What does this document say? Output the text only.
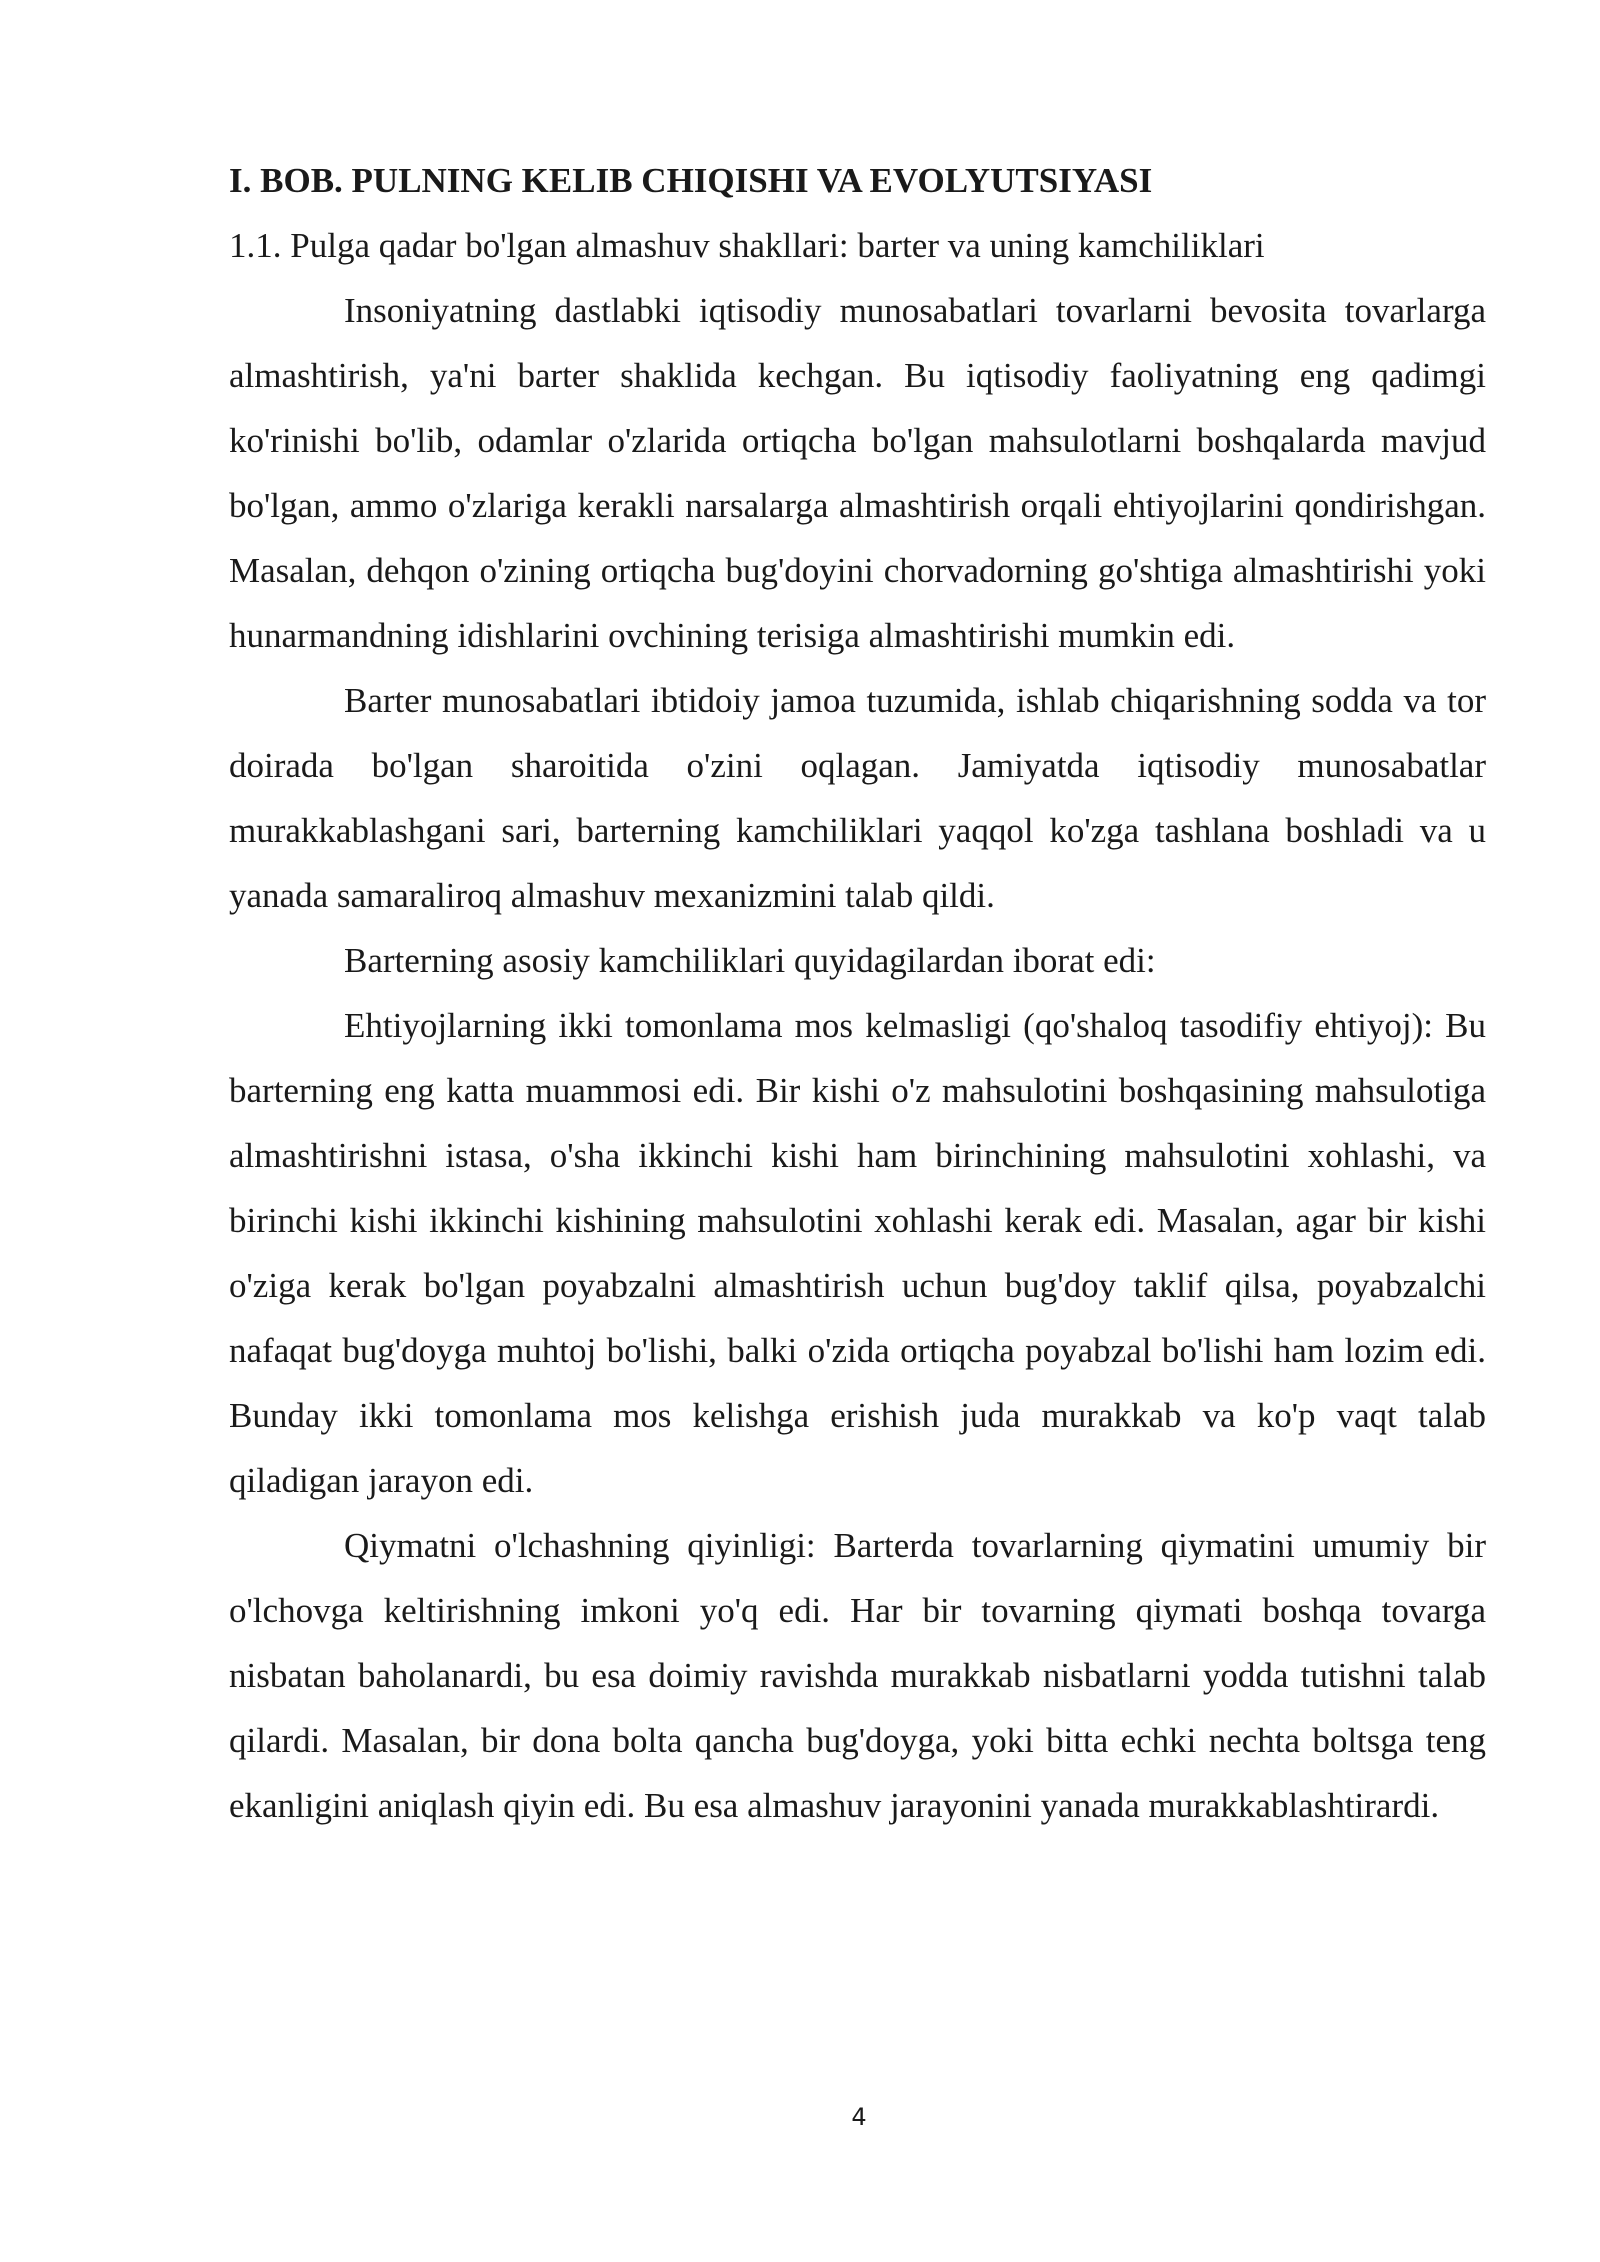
I. BOB. PULNING KELIB CHIQISHI VA EVOLYUTSIYASI

1.1. Pulga qadar bo'lgan almashuv shakllari: barter va uning kamchiliklari

Insoniyatning dastlabki iqtisodiy munosabatlari tovarlarni bevosita tovarlarga almashtirish, ya'ni barter shaklida kechgan. Bu iqtisodiy faoliyatning eng qadimgi ko'rinishi bo'lib, odamlar o'zlarida ortiqcha bo'lgan mahsulotlarni boshqalarda mavjud bo'lgan, ammo o'zlariga kerakli narsalarga almashtirish orqali ehtiyojlarini qondirishgan. Masalan, dehqon o'zining ortiqcha bug'doyini chorvadorning go'shtiga almashtirishi yoki hunarmandning idishlarini ovchining terisiga almashtirishi mumkin edi.

Barter munosabatlari ibtidoiy jamoa tuzumida, ishlab chiqarishning sodda va tor doirada bo'lgan sharoitida o'zini oqlagan. Jamiyatda iqtisodiy munosabatlar murakkablashgani sari, barterning kamchiliklari yaqqol ko'zga tashlana boshladi va u yanada samaraliroq almashuv mexanizmini talab qildi.

Barterning asosiy kamchiliklari quyidagilardan iborat edi:

Ehtiyojlarning ikki tomonlama mos kelmasligi (qo'shaloq tasodifiy ehtiyoj): Bu barterning eng katta muammosi edi. Bir kishi o'z mahsulotini boshqasining mahsulotiga almashtirishni istasa, o'sha ikkinchi kishi ham birinchining mahsulotini xohlashi, va birinchi kishi ikkinchi kishining mahsulotini xohlashi kerak edi. Masalan, agar bir kishi o'ziga kerak bo'lgan poyabzalni almashtirish uchun bug'doy taklif qilsa, poyabzalchi nafaqat bug'doyga muhtoj bo'lishi, balki o'zida ortiqcha poyabzal bo'lishi ham lozim edi. Bunday ikki tomonlama mos kelishga erishish juda murakkab va ko'p vaqt talab qiladigan jarayon edi.

Qiymatni o'lchashning qiyinligi: Barterda tovarlarning qiymatini umumiy bir o'lchovga keltirishning imkoni yo'q edi. Har bir tovarning qiymati boshqa tovarga nisbatan baholanardi, bu esa doimiy ravishda murakkab nisbatlarni yodda tutishni talab qilardi. Masalan, bir dona bolta qancha bug'doyga, yoki bitta echki nechta boltsga teng ekanligini aniqlash qiyin edi. Bu esa almashuv jarayonini yanada murakkablashtirardi.

4
